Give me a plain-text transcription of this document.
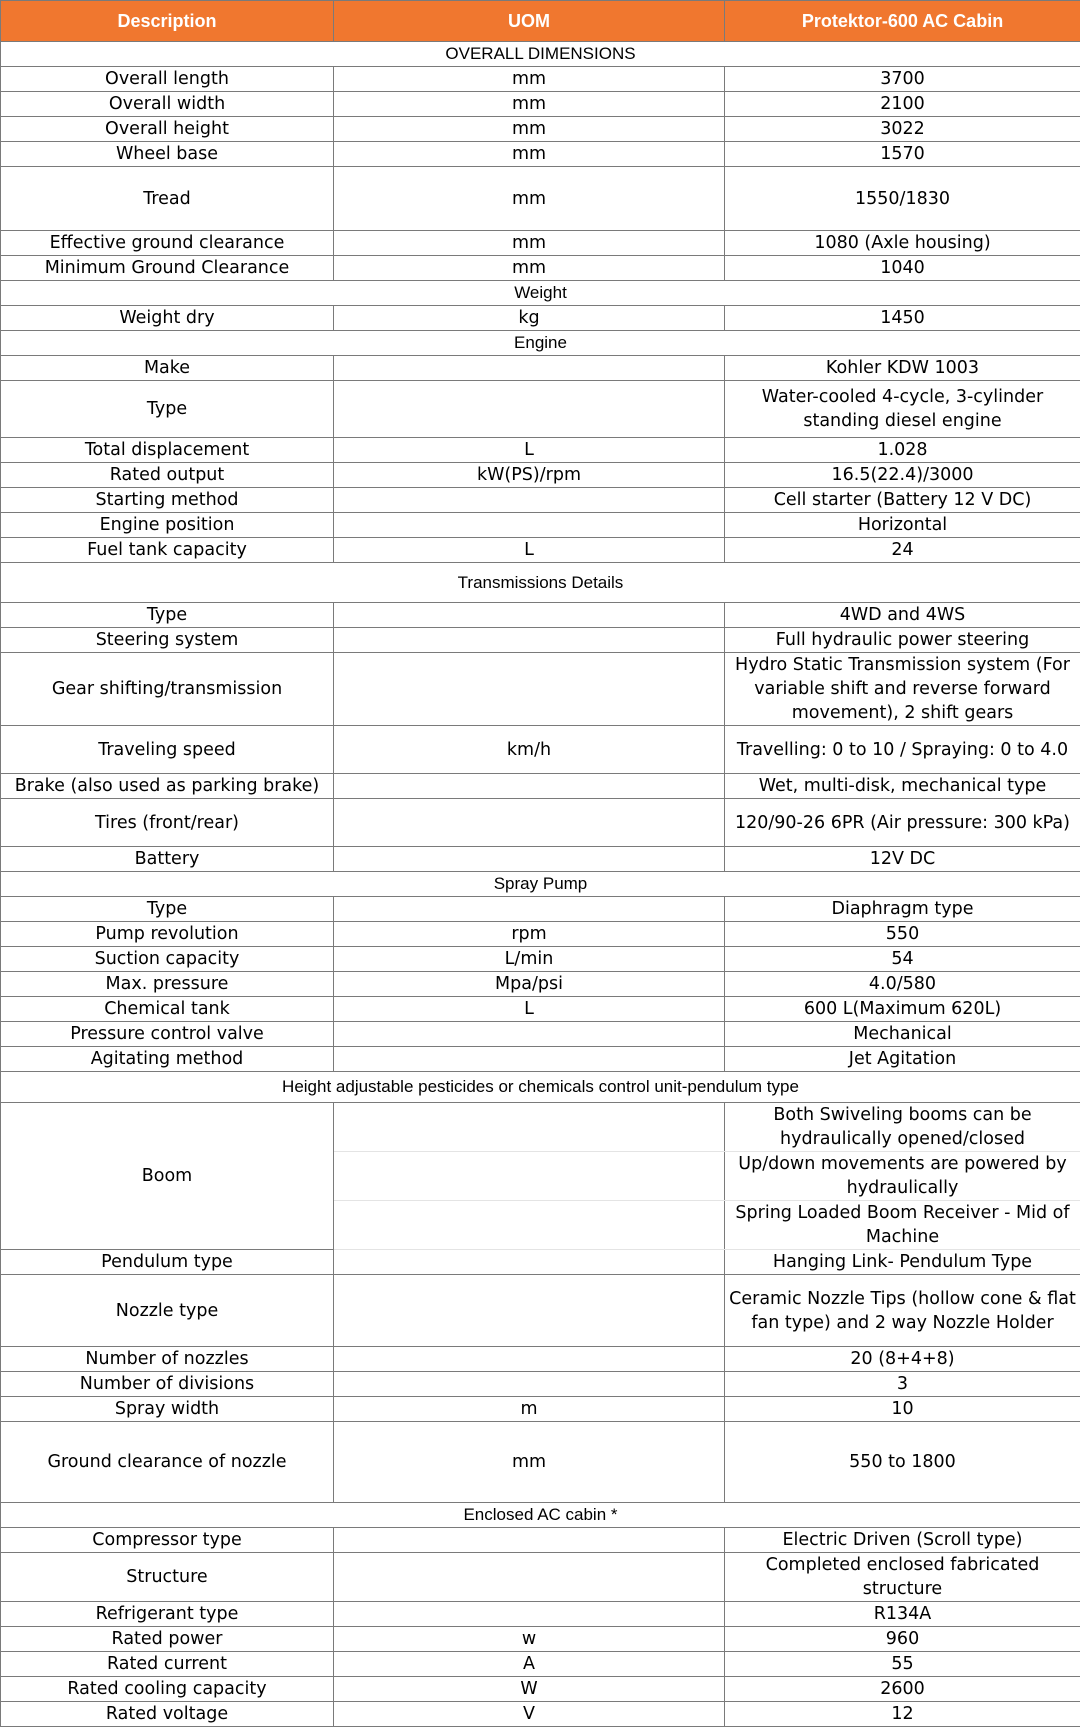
Description	UOM	Protektor-600 AC Cabin
OVERALL DIMENSIONS		
Overall length	mm	3700
Overall width	mm	2100
Overall height	mm	3022
Wheel base	mm	1570
Tread	mm	1550/1830
Effective ground clearance	mm	1080 (Axle housing)
Minimum Ground Clearance	mm	1040
Weight		
Weight dry	kg	1450
Engine		
Make		Kohler KDW 1003
Type		Water-cooled 4-cycle, 3-cylinder standing diesel engine
Total displacement	L	1.028
Rated output	kW(PS)/rpm	16.5(22.4)/3000
Starting method		Cell starter (Battery 12 V DC)
Engine position		Horizontal
Fuel tank capacity	L	24
Transmissions Details		
Type		4WD and 4WS
Steering system		Full hydraulic power steering
Gear shifting/transmission		Hydro Static Transmission system (For variable shift and reverse forward movement), 2 shift gears
Traveling speed	km/h	Travelling: 0 to 10 / Spraying: 0 to 4.0
Brake (also used as parking brake)		Wet, multi-disk, mechanical type
Tires (front/rear)		120/90-26 6PR (Air pressure: 300 kPa)
Battery		12V DC
Spray Pump		
Type		Diaphragm type
Pump revolution	rpm	550
Suction capacity	L/min	54
Max. pressure	Mpa/psi	4.0/580
Chemical tank	L	600 L(Maximum 620L)
Pressure control valve		Mechanical
Agitating method		Jet Agitation
Height adjustable pesticides or chemicals control unit-pendulum type		
Boom		Both Swiveling booms can be hydraulically opened/closed
		Up/down movements are powered by hydraulically
		Spring Loaded Boom Receiver - Mid of Machine
Pendulum type		Hanging Link- Pendulum Type
Nozzle type		Ceramic Nozzle Tips (hollow cone & flat fan type) and 2 way Nozzle Holder
Number of nozzles		20 (8+4+8)
Number of divisions		3
Spray width	m	10
Ground clearance of nozzle	mm	550 to 1800
Enclosed AC cabin *		
Compressor type		Electric Driven (Scroll type)
Structure		Completed enclosed fabricated structure
Refrigerant type		R134A
Rated power	w	960
Rated current	A	55
Rated cooling capacity	W	2600
Rated voltage	V	12
